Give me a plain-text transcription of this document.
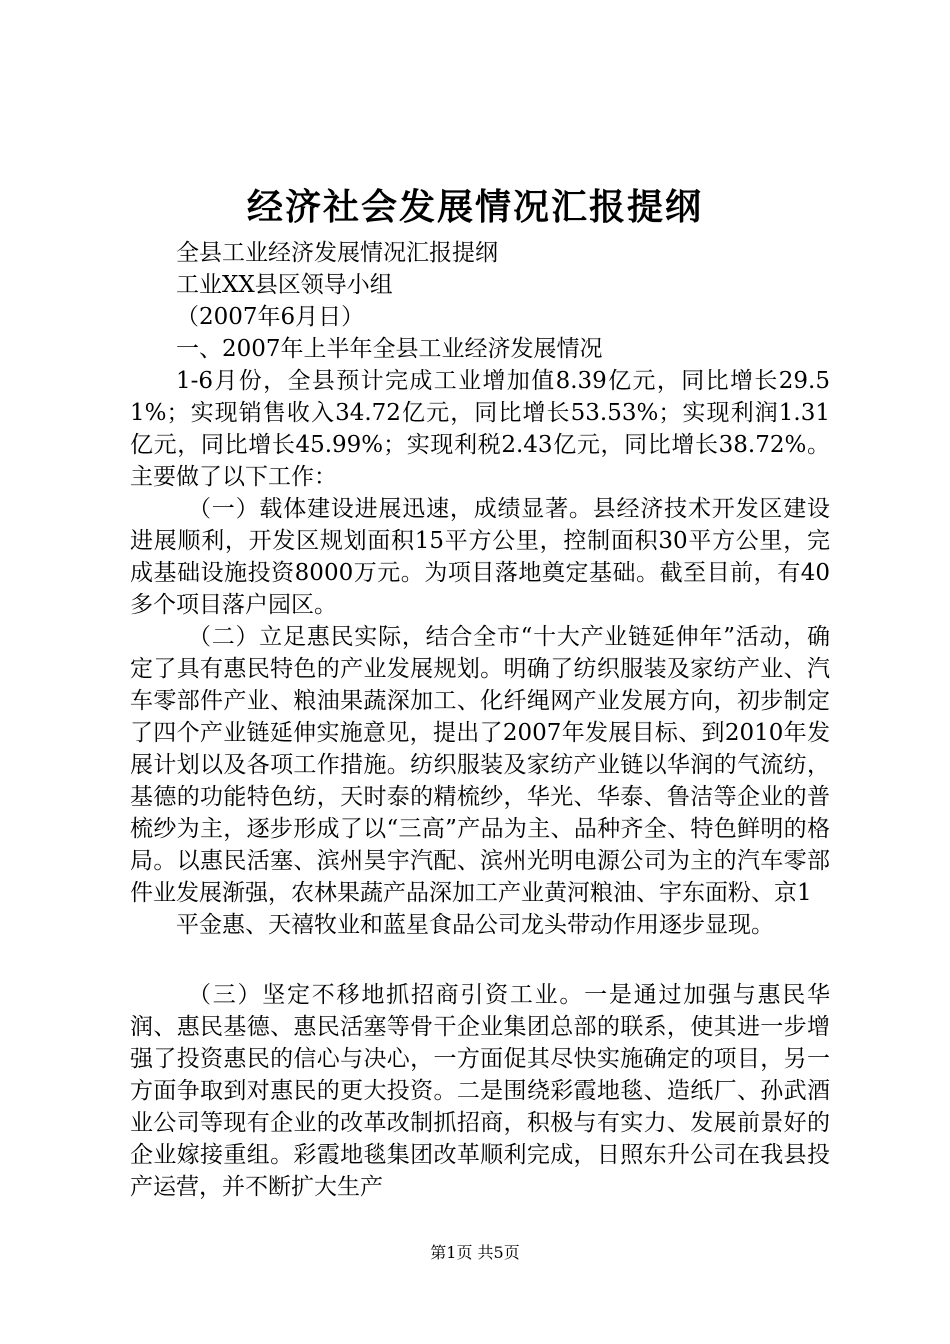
经济社会发展情况汇报提纲

全县工业经济发展情况汇报提纲

工业XX县区领导小组

（2007年6月日）

一、2007年上半年全县工业经济发展情况

1-6月份，全县预计完成工业增加值8.39亿元，同比增长29.51%；实现销售收入34.72亿元，同比增长53.53%；实现利润1.31亿元，同比增长45.99%；实现利税2.43亿元，同比增长38.72%。主要做了以下工作：

（一）载体建设进展迅速，成绩显著。县经济技术开发区建设进展顺利，开发区规划面积15平方公里，控制面积30平方公里，完成基础设施投资8000万元。为项目落地奠定基础。截至目前，有40多个项目落户园区。

（二）立足惠民实际，结合全市“十大产业链延伸年”活动，确定了具有惠民特色的产业发展规划。明确了纺织服装及家纺产业、汽车零部件产业、粮油果蔬深加工、化纤绳网产业发展方向，初步制定了四个产业链延伸实施意见，提出了2007年发展目标、到2010年发展计划以及各项工作措施。纺织服装及家纺产业链以华润的气流纺，基德的功能特色纺，天时泰的精梳纱，华光、华泰、鲁洁等企业的普梳纱为主，逐步形成了以“三高”产品为主、品种齐全、特色鲜明的格局。以惠民活塞、滨州昊宇汽配、滨州光明电源公司为主的汽车零部件业发展渐强，农林果蔬产品深加工产业黄河粮油、宇东面粉、京1

平金惠、天禧牧业和蓝星食品公司龙头带动作用逐步显现。

（三）坚定不移地抓招商引资工业。一是通过加强与惠民华润、惠民基德、惠民活塞等骨干企业集团总部的联系，使其进一步增强了投资惠民的信心与决心，一方面促其尽快实施确定的项目，另一方面争取到对惠民的更大投资。二是围绕彩霞地毯、造纸厂、孙武酒业公司等现有企业的改革改制抓招商，积极与有实力、发展前景好的企业嫁接重组。彩霞地毯集团改革顺利完成，日照东升公司在我县投产运营，并不断扩大生产

第1页 共5页
